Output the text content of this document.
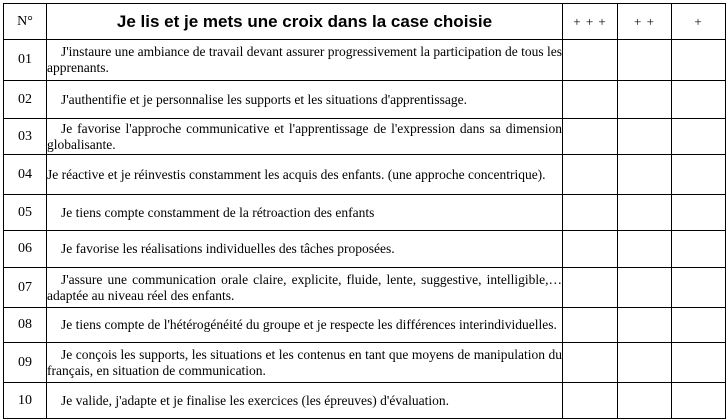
N°	Je lis et je mets une croix dans la case choisie	+ + +	+ +	+
01	J'instaure une ambiance de travail devant assurer progressivement la participation de tous les apprenants.			
02	J'authentifie et je personnalise les supports et les situations d'apprentissage.			
03	Je favorise l'approche communicative et l'apprentissage de l'expression dans sa dimension globalisante.			
04	Je réactive et je réinvestis constamment les acquis des enfants. (une approche concentrique).			
05	Je tiens compte constamment de la rétroaction des enfants			
06	Je favorise les réalisations individuelles des tâches proposées.			
07	J'assure une communication orale claire, explicite, fluide, lente, suggestive, intelligible,… adaptée au niveau réel des enfants.			
08	Je tiens compte de l'hétérogénéité du groupe et je respecte les différences interindividuelles.			
09	Je conçois les supports, les situations et les contenus en tant que moyens de manipulation du français, en situation de communication.			
10	Je valide, j'adapte et je finalise les exercices (les épreuves) d'évaluation.			
